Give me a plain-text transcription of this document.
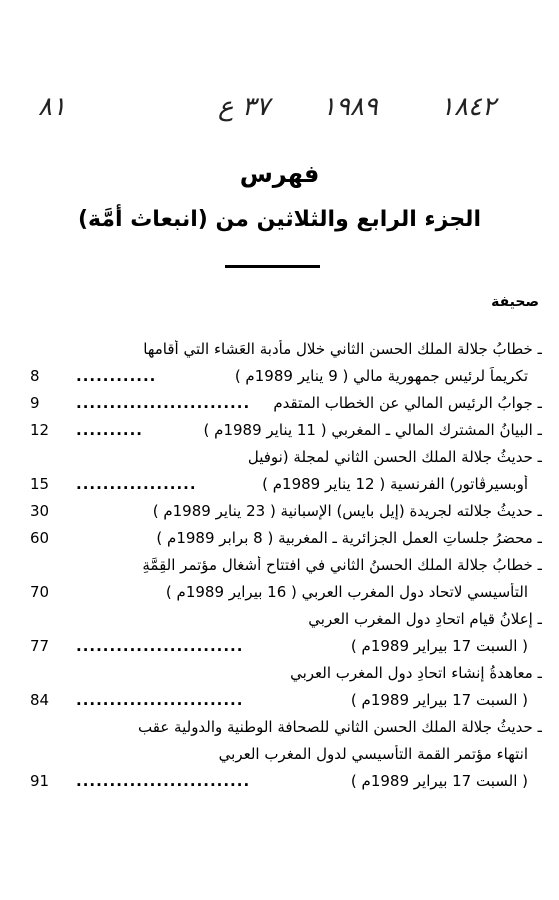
٨١	٣٧ ع ١٩٨٩ ١٨٤٢
فهرس
الجزء الرابع والثلاثين من (انبعاث أمَّة)
صحيفة
ـ خطابُ جلالة الملك الحسن الثاني خلال مأدبة العَشاء التي أقامها
8	............	تكريماً لرئيس جمهورية مالي ( 9 يناير 1989م )
9	..........................	ـ جوابُ الرئيس المالي عن الخطاب المتقدم
12	..........	ـ البيانُ المشترك المالي ـ المغربي ( 11 يناير 1989م )
ـ حديثُ جلالة الملك الحسن الثاني لمجلة (نوفيل
15	..................	أوبسيرڤاتور) الفرنسية ( 12 يناير 1989م )
30	ـ حديثُ جلالته لجريدة (إيل بايس) الإسبانية ( 23 يناير 1989م )
60	ـ محضرُ جلساتِ العمل الجزائرية ـ المغربية ( 8 برابر 1989م )
ـ خطابُ جلالة الملك الحسنُ الثاني في افتتاح أشغال مؤتمر القِمَّةِ
70	التأسيسي لاتحاد دول المغرب العربي ( 16 بيراير 1989م )
ـ إعلانُ قيام اتحادِ دول المغرب العربي
77	.........................	( السبت 17 بيراير 1989م )
ـ معاهدةُ إنشاء اتحادِ دول المغرب العربي
84	.........................	( السبت 17 بيراير 1989م )
ـ حديثُ جلالة الملك الحسن الثاني للصحافة الوطنية والدولية عقب
انتهاء مؤتمر القمة التأسيسي لدول المغرب العربي
91	..........................	( السبت 17 بيراير 1989م )
